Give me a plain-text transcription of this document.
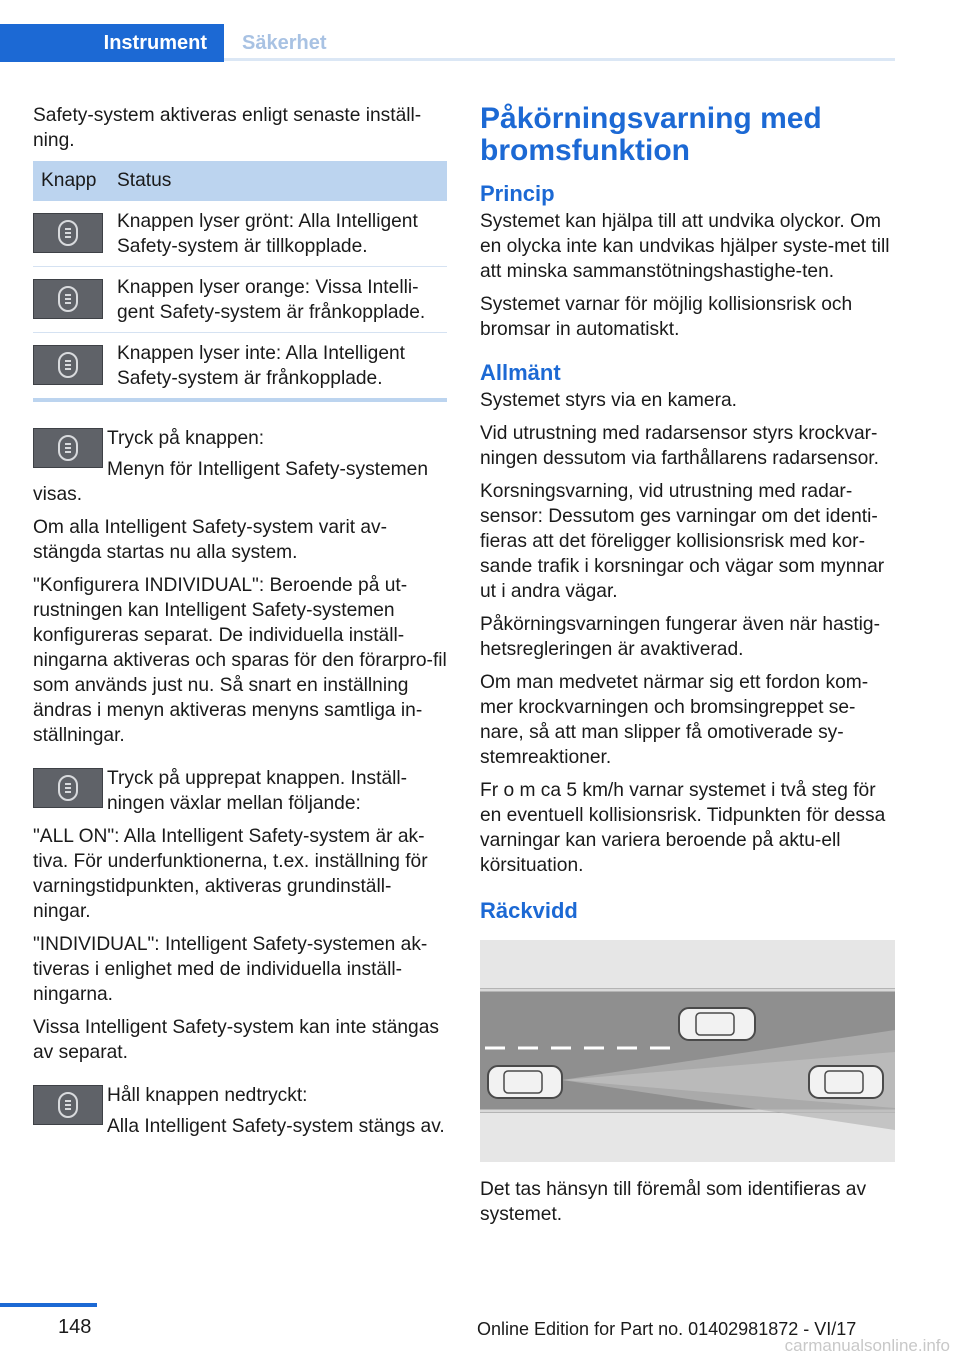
Instrument	Säkerhet

Safety-system aktiveras enligt senaste inställ-ning.

Knapp Status
Knappen lyser grönt: Alla Intelligent Safety-system är tillkopplade.
Knappen lyser orange: Vissa Intelli-gent Safety-system är frånkopplade.
Knappen lyser inte: Alla Intelligent Safety-system är frånkopplade.

Tryck på knappen:

Menyn för Intelligent Safety-systemen visas.

Om alla Intelligent Safety-system varit av-stängda startas nu alla system.

"Konfigurera INDIVIDUAL": Beroende på ut-rustningen kan Intelligent Safety-systemen konfigureras separat. De individuella inställ-ningarna aktiveras och sparas för den förarpro-fil som används just nu. Så snart en inställning ändras i menyn aktiveras menyns samtliga in-ställningar.

Tryck på upprepat knappen. Inställ-ningen växlar mellan följande:

"ALL ON": Alla Intelligent Safety-system är ak-tiva. För underfunktionerna, t.ex. inställning för varningstidpunkten, aktiveras grundinställ-ningar.

"INDIVIDUAL": Intelligent Safety-systemen ak-tiveras i enlighet med de individuella inställ-ningarna.

Vissa Intelligent Safety-system kan inte stängas av separat.

Håll knappen nedtryckt:

Alla Intelligent Safety-system stängs av.

Påkörningsvarning med bromsfunktion
Princip

Systemet kan hjälpa till att undvika olyckor. Om en olycka inte kan undvikas hjälper syste-met till att minska sammanstötningshastighe-ten.

Systemet varnar för möjlig kollisionsrisk och bromsar in automatiskt.

Allmänt

Systemet styrs via en kamera.

Vid utrustning med radarsensor styrs krockvar-ningen dessutom via farthållarens radarsensor.

Korsningsvarning, vid utrustning med radar-sensor: Dessutom ges varningar om det identi-fieras att det föreligger kollisionsrisk med kor-sande trafik i korsningar och vägar som mynnar ut i andra vägar.

Påkörningsvarningen fungerar även när hastig-hetsregleringen är avaktiverad.

Om man medvetet närmar sig ett fordon kom-mer krockvarningen och bromsingreppet se-nare, så att man slipper få omotiverade sy-stemreaktioner.

Fr o m ca 5 km/h varnar systemet i två steg för en eventuell kollisionsrisk. Tidpunkten för dessa varningar kan variera beroende på aktu-ell körsituation.

Räckvidd

Det tas hänsyn till föremål som identifieras av systemet.

148	Online Edition for Part no. 01402981872 - VI/17
carmanualsonline.info
